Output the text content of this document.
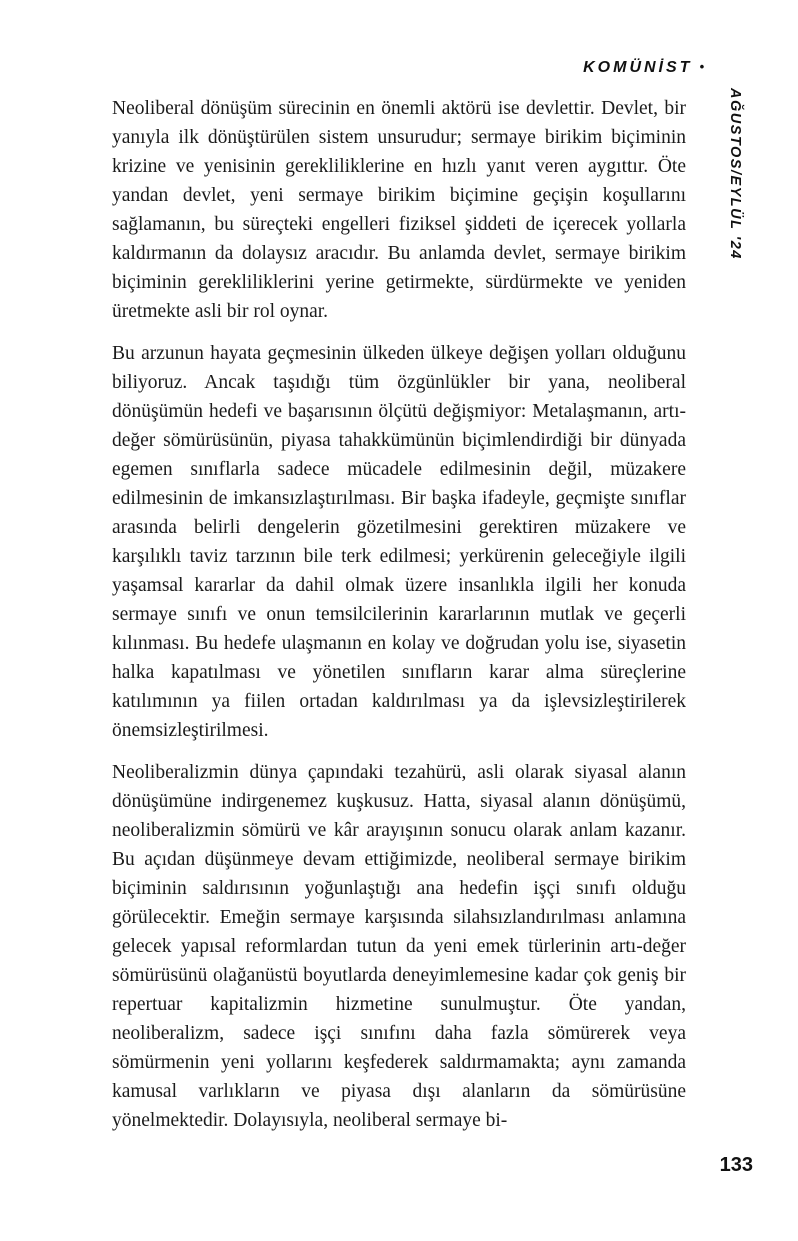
KOMÜNİST •
AĞUSTOS/EYLÜL '24

Neoliberal dönüşüm sürecinin en önemli aktörü ise devlettir. Devlet, bir yanıyla ilk dönüştürülen sistem unsurudur; sermaye birikim biçiminin krizine ve yenisinin gerekliliklerine en hızlı yanıt veren aygıttır. Öte yandan devlet, yeni sermaye birikim biçimine geçişin koşullarını sağlamanın, bu süreçteki engelleri fiziksel şiddeti de içerecek yollarla kaldırmanın da dolaysız aracıdır. Bu anlamda devlet, sermaye birikim biçiminin gerekliliklerini yerine getirmekte, sürdürmekte ve yeniden üretmekte asli bir rol oynar.

Bu arzunun hayata geçmesinin ülkeden ülkeye değişen yolları olduğunu biliyoruz. Ancak taşıdığı tüm özgünlükler bir yana, neoliberal dönüşümün hedefi ve başarısının ölçütü değişmiyor: Metalaşmanın, artı-değer sömürüsünün, piyasa tahakkümünün biçimlendirdiği bir dünyada egemen sınıflarla sadece mücadele edilmesinin değil, müzakere edilmesinin de imkansızlaştırılması. Bir başka ifadeyle, geçmişte sınıflar arasında belirli dengelerin gözetilmesini gerektiren müzakere ve karşılıklı taviz tarzının bile terk edilmesi; yerkürenin geleceğiyle ilgili yaşamsal kararlar da dahil olmak üzere insanlıkla ilgili her konuda sermaye sınıfı ve onun temsilcilerinin kararlarının mutlak ve geçerli kılınması. Bu hedefe ulaşmanın en kolay ve doğrudan yolu ise, siyasetin halka kapatılması ve yönetilen sınıfların karar alma süreçlerine katılımının ya fiilen ortadan kaldırılması ya da işlevsizleştirilerek önemsizleştirilmesi.

Neoliberalizmin dünya çapındaki tezahürü, asli olarak siyasal alanın dönüşümüne indirgenemez kuşkusuz. Hatta, siyasal alanın dönüşümü, neoliberalizmin sömürü ve kâr arayışının sonucu olarak anlam kazanır. Bu açıdan düşünmeye devam ettiğimizde, neoliberal sermaye birikim biçiminin saldırısının yoğunlaştığı ana hedefin işçi sınıfı olduğu görülecektir. Emeğin sermaye karşısında silahsızlandırılması anlamına gelecek yapısal reformlardan tutun da yeni emek türlerinin artı-değer sömürüsünü olağanüstü boyutlarda deneyimlemesine kadar çok geniş bir repertuar kapitalizmin hizmetine sunulmuştur. Öte yandan, neoliberalizm, sadece işçi sınıfını daha fazla sömürerek veya sömürmenin yeni yollarını keşfederek saldırmamakta; aynı zamanda kamusal varlıkların ve piyasa dışı alanların da sömürüsüne yönelmektedir. Dolayısıyla, neoliberal sermaye bi-

133
